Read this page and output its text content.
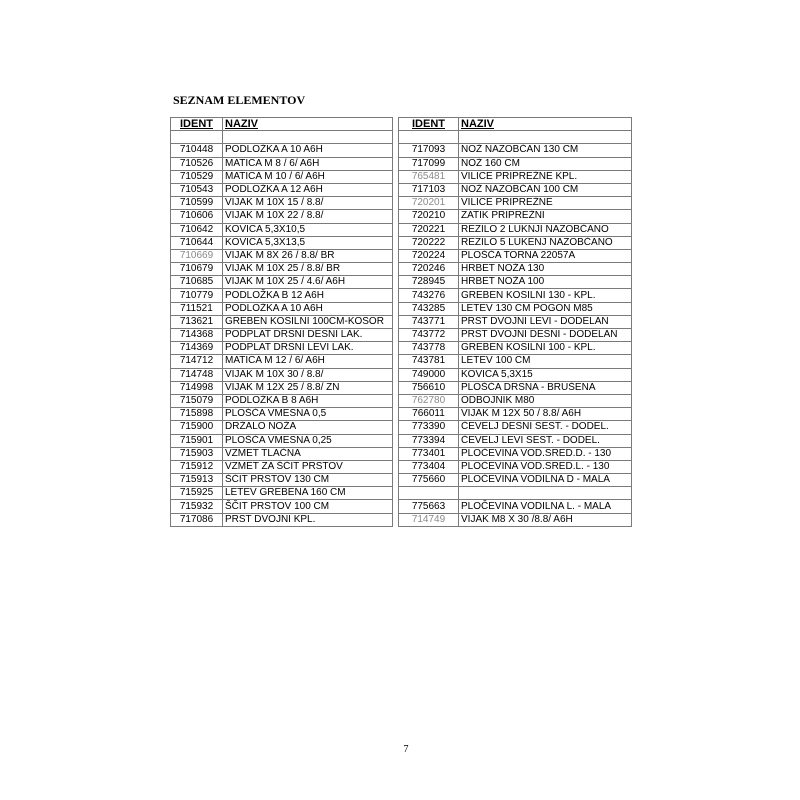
SEZNAM ELEMENTOV
IDENT	NAZIV

710448	PODLOŽKA A 10 A6H
710526	MATICA M 8 / 6/ A6H
710529	MATICA M 10 / 6/ A6H
710543	PODLOŽKA A 12 A6H
710599	VIJAK M 10X 15 / 8.8/
710606	VIJAK M 10X 22 / 8.8/
710642	KOVICA 5,3X10,5
710644	KOVICA 5,3X13,5
710669	VIJAK M 8X 26 / 8.8/ BR
710679	VIJAK M 10X 25 / 8.8/ BR
710685	VIJAK M 10X 25 / 4.6/ A6H
710779	PODLOŽKA B 12 A6H
711521	PODLOŽKA A 10 A6H
713621	GREBEN KOSILNI 100CM-KOSOR
714368	PODPLAT DRSNI DESNI LAK.
714369	PODPLAT DRSNI LEVI LAK.
714712	MATICA M 12 / 6/ A6H
714748	VIJAK M 10X 30 / 8.8/
714998	VIJAK M 12X 25 / 8.8/ ZN
715079	PODLOŽKA B 8 A6H
715898	PLOŠČA VMESNA 0,5
715900	DRŽALO NOŽA
715901	PLOŠČA VMESNA 0,25
715903	VZMET TLAČNA
715912	VZMET ZA ŠČIT PRSTOV
715913	ŠČIT PRSTOV 130 CM
715925	LETEV GREBENA 160 CM
715932	ŠČIT PRSTOV 100 CM
717086	PRST DVOJNI KPL.
IDENT	NAZIV

717093	NOŽ NAZOBČAN 130 CM
717099	NOŽ 160 CM
765481	VILICE PRIPREŽNE KPL.
717103	NOŽ NAZOBČAN 100 CM
720201	VILICE PRIPREŽNE
720210	ZATIK PRIPREŽNI
720221	REZILO 2 LUKNJI NAZOBČANO
720222	REZILO 5 LUKENJ NAZOBČANO
720224	PLOŠČA TORNA 22057A
720246	HRBET NOŽA 130
728945	HRBET NOŽA 100
743276	GREBEN KOSILNI 130 - KPL.
743285	LETEV 130 CM POGON M85
743771	PRST DVOJNI LEVI - DODELAN
743772	PRST DVOJNI DESNI - DODELAN
743778	GREBEN KOSILNI 100 - KPL.
743781	LETEV 100 CM
749000	KOVICA 5,3X15
756610	PLOŠČA DRSNA - BRUŠENA
762780	ODBOJNIK M80
766011	VIJAK M 12X 50 / 8.8/ A6H
773390	ČEVELJ DESNI SEST. - DODEL.
773394	ČEVELJ LEVI SEST. - DODEL.
773401	PLOČEVINA VOD.SRED.D. - 130
773404	PLOČEVINA VOD.SRED.L. - 130
775660	PLOČEVINA VODILNA D - MALA

775663	PLOČEVINA VODILNA L. - MALA
714749	VIJAK M8 X 30 /8.8/ A6H
7
